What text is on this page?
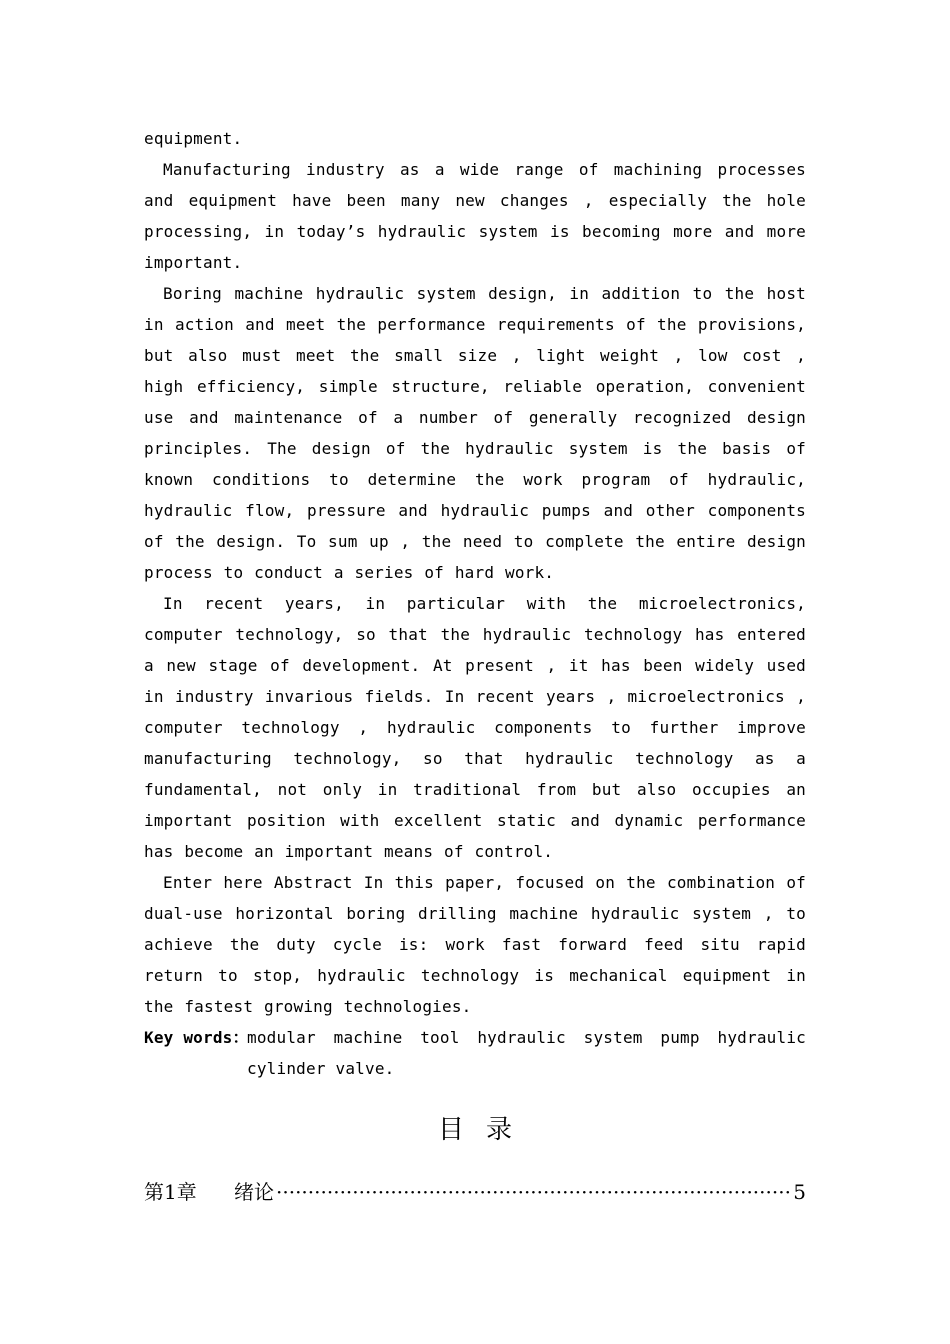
equipment.

Manufacturing industry as a wide range of machining processes and equipment have been many new changes , especially the hole processing, in today’s hydraulic system is becoming more and more important.

Boring machine hydraulic system design, in addition to the host in action and meet the performance requirements of the provisions, but also must meet the small size , light weight , low cost , high efficiency, simple structure, reliable operation, convenient use and maintenance of a number of generally recognized design principles. The design of the hydraulic system is the basis of known conditions to determine the work program of hydraulic, hydraulic flow, pressure and hydraulic pumps and other components of the design. To sum up , the need to complete the entire design process to conduct a series of hard work.

In recent years, in particular with the microelectronics, computer technology, so that the hydraulic technology has entered a new stage of development. At present , it has been widely used in industry invarious fields. In recent years , microelectronics , computer technology , hydraulic components to further improve manufacturing technology, so that hydraulic technology as a fundamental, not only in traditional from but also occupies an important position with excellent static and dynamic performance has become an important means of control.

Enter here Abstract In this paper, focused on the combination of dual-use horizontal boring drilling machine hydraulic system , to achieve the duty cycle is: work fast forward feed situ rapid return to stop, hydraulic technology is mechanical equipment in the fastest growing technologies.

Key words：
modular machine tool hydraulic system pump hydraulic
cylinder valve.
目录
第1章	绪论
·····	5
